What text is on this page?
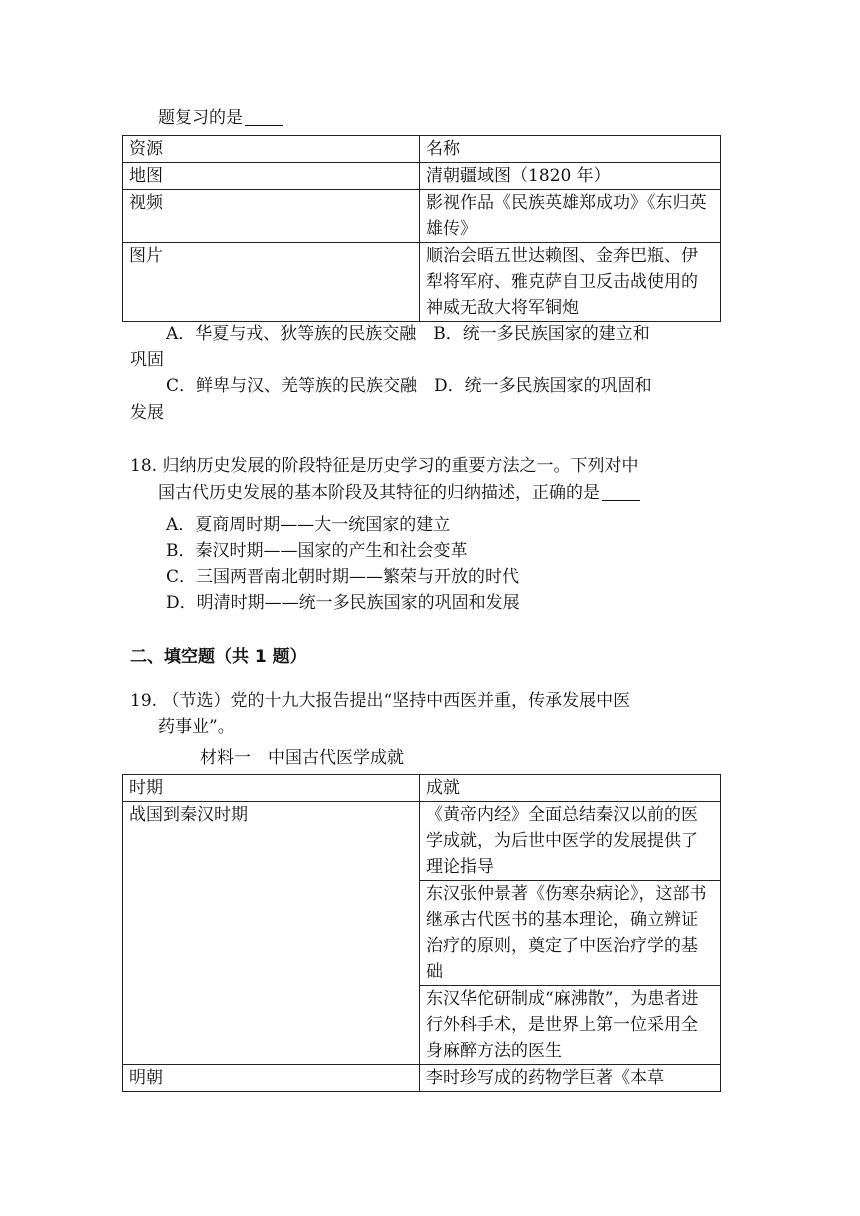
题复习的是
资源	名称
地图	清朝疆域图（1820 年）
视频	影视作品《民族英雄郑成功》《东归英雄传》
图片	顺治会晤五世达赖图、金奔巴瓶、伊犁将军府、雅克萨自卫反击战使用的神威无敌大将军铜炮
A．华夏与戎、狄等族的民族交融　B．统一多民族国家的建立和
巩固
C．鲜卑与汉、羌等族的民族交融　D．统一多民族国家的巩固和
发展
18. 归纳历史发展的阶段特征是历史学习的重要方法之一。下列对中
国古代历史发展的基本阶段及其特征的归纳描述，正确的是
A．夏商周时期——大一统国家的建立
B．秦汉时期——国家的产生和社会变革
C．三国两晋南北朝时期——繁荣与开放的时代
D．明清时期——统一多民族国家的巩固和发展
二、填空题（共 1 题）
19. （节选）党的十九大报告提出“坚持中西医并重，传承发展中医
药事业”。
材料一　中国古代医学成就
时期	成就
战国到秦汉时期	《黄帝内经》全面总结秦汉以前的医学成就，为后世中医学的发展提供了理论指导
东汉张仲景著《伤寒杂病论》，这部书继承古代医书的基本理论，确立辨证治疗的原则，奠定了中医治疗学的基础
东汉华佗研制成“麻沸散”，为患者进行外科手术，是世界上第一位采用全身麻醉方法的医生

明朝	李时珍写成的药物学巨著《本草
